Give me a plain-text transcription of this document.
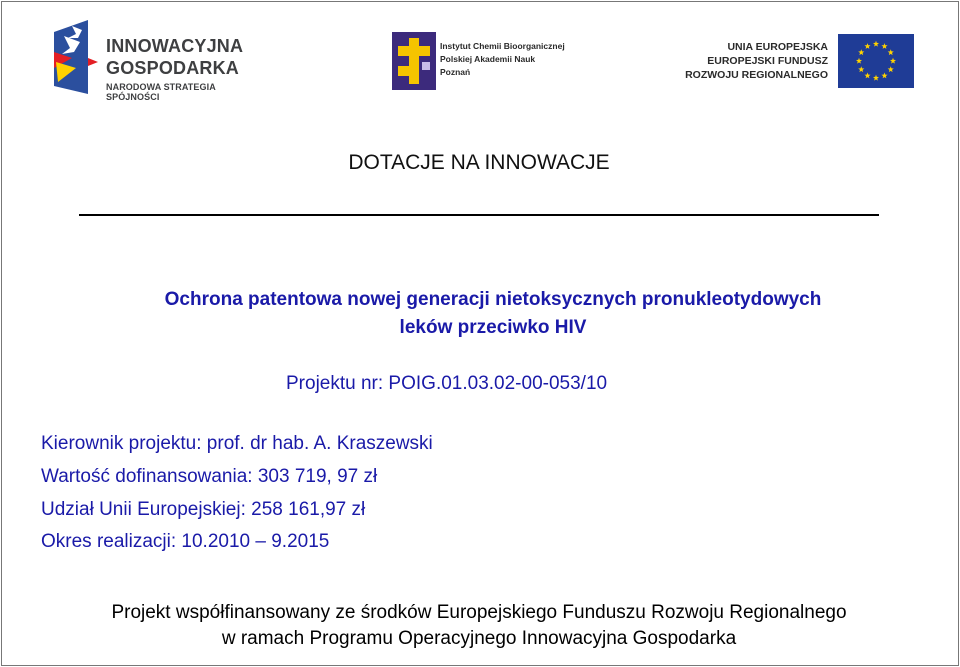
INNOWACYJNA
GOSPODARKA
NARODOWA STRATEGIA SPÓJNOŚCI
Instytut Chemii Bioorganicznej
Polskiej Akademii Nauk
Poznań
UNIA EUROPEJSKA
EUROPEJSKI FUNDUSZ
ROZWOJU REGIONALNEGO
DOTACJE NA INNOWACJE
Ochrona patentowa nowej generacji nietoksycznych pronukleotydowych
leków przeciwko HIV
Projektu nr: POIG.01.03.02-00-053/10
Kierownik projektu: prof. dr hab. A. Kraszewski
Wartość dofinansowania: 303 719, 97 zł
Udział Unii Europejskiej: 258 161,97 zł
Okres realizacji: 10.2010 – 9.2015
Projekt współfinansowany ze środków Europejskiego Funduszu Rozwoju Regionalnego
w ramach Programu Operacyjnego Innowacyjna Gospodarka
